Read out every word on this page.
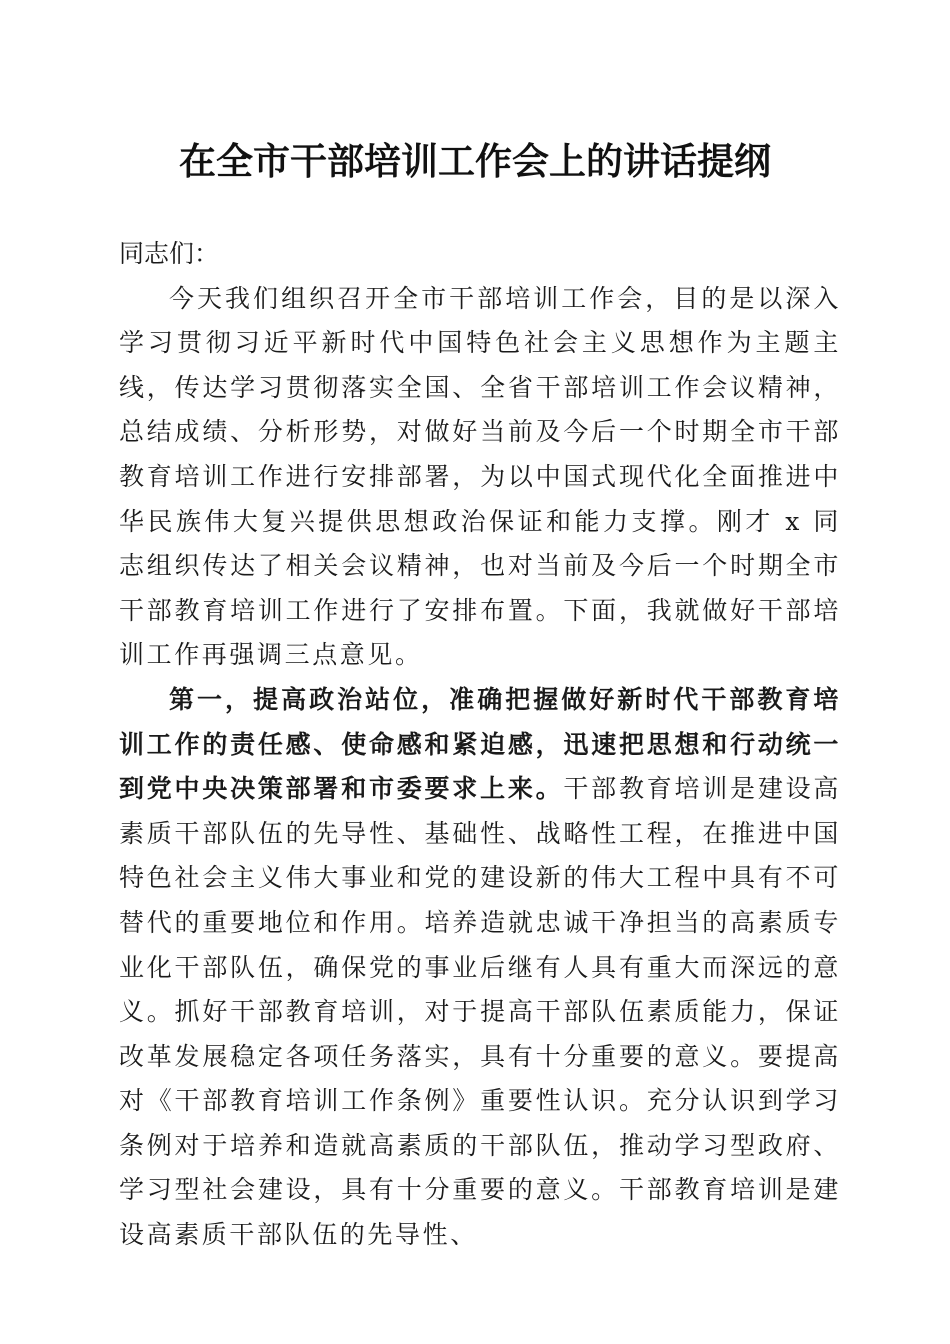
在全市干部培训工作会上的讲话提纲

同志们：

今天我们组织召开全市干部培训工作会，目的是以深入学习贯彻习近平新时代中国特色社会主义思想作为主题主线，传达学习贯彻落实全国、全省干部培训工作会议精神，总结成绩、分析形势，对做好当前及今后一个时期全市干部教育培训工作进行安排部署，为以中国式现代化全面推进中华民族伟大复兴提供思想政治保证和能力支撑。刚才 x 同志组织传达了相关会议精神，也对当前及今后一个时期全市干部教育培训工作进行了安排布置。下面，我就做好干部培训工作再强调三点意见。

第一，提高政治站位，准确把握做好新时代干部教育培训工作的责任感、使命感和紧迫感，迅速把思想和行动统一到党中央决策部署和市委要求上来。干部教育培训是建设高素质干部队伍的先导性、基础性、战略性工程，在推进中国特色社会主义伟大事业和党的建设新的伟大工程中具有不可替代的重要地位和作用。培养造就忠诚干净担当的高素质专业化干部队伍，确保党的事业后继有人具有重大而深远的意义。抓好干部教育培训，对于提高干部队伍素质能力，保证改革发展稳定各项任务落实，具有十分重要的意义。要提高对《干部教育培训工作条例》重要性认识。充分认识到学习条例对于培养和造就高素质的干部队伍，推动学习型政府、学习型社会建设，具有十分重要的意义。干部教育培训是建设高素质干部队伍的先导性、
